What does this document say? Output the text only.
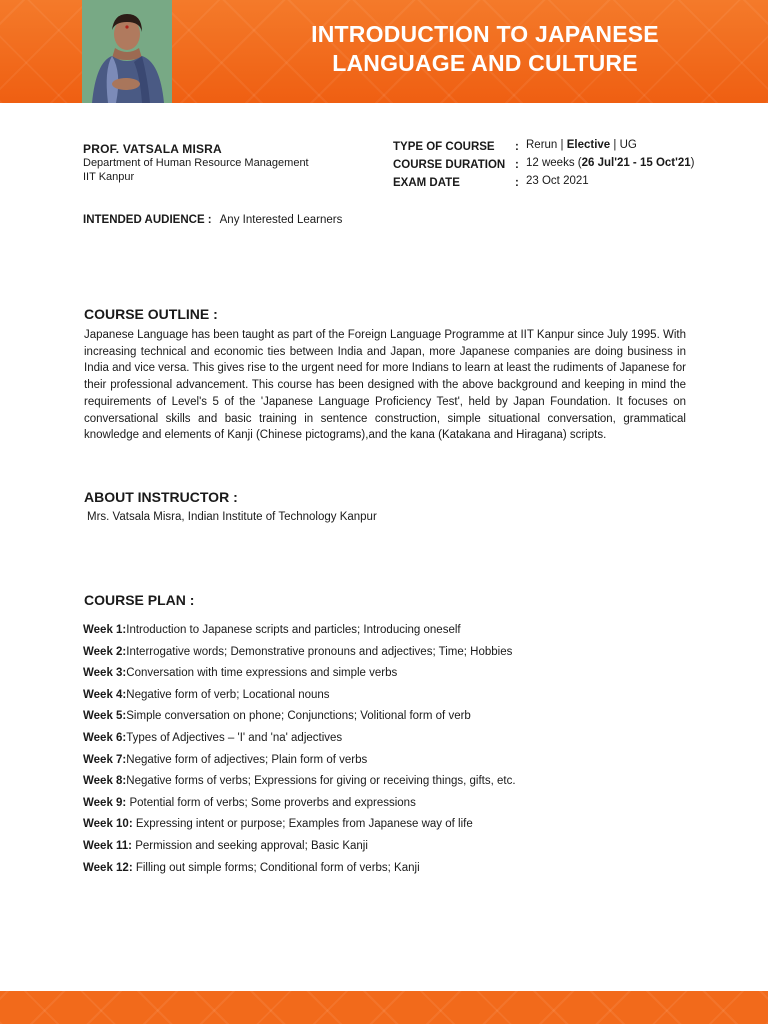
INTRODUCTION TO JAPANESE
LANGUAGE AND CULTURE
PROF. VATSALA MISRA
Department of Human Resource Management
IIT Kanpur
TYPE OF COURSE : Rerun | Elective | UG
COURSE DURATION : 12 weeks (26 Jul'21 - 15 Oct'21)
EXAM DATE	: 23 Oct 2021
INTENDED AUDIENCE : Any Interested Learners
COURSE OUTLINE :
Japanese Language has been taught as part of the Foreign Language Programme at IIT Kanpur since July 1995. With increasing technical and economic ties between India and Japan, more Japanese companies are doing business in India and vice versa. This gives rise to the urgent need for more Indians to learn at least the rudiments of Japanese for their professional advancement. This course has been designed with the above background and keeping in mind the requirements of Level's 5 of the 'Japanese Language Proficiency Test', held by Japan Foundation. It focuses on conversational skills and basic training in sentence construction, simple situational conversation, grammatical knowledge and elements of Kanji (Chinese pictograms),and the kana (Katakana and Hiragana) scripts.
ABOUT INSTRUCTOR :
Mrs. Vatsala Misra, Indian Institute of Technology Kanpur
COURSE PLAN :
Week 1:Introduction to Japanese scripts and particles; Introducing oneself
Week 2:Interrogative words; Demonstrative pronouns and adjectives; Time; Hobbies
Week 3:Conversation with time expressions and simple verbs
Week 4:Negative form of verb; Locational nouns
Week 5:Simple conversation on phone; Conjunctions; Volitional form of verb
Week 6:Types of Adjectives – 'I' and 'na' adjectives
Week 7:Negative form of adjectives; Plain form of verbs
Week 8:Negative forms of verbs; Expressions for giving or receiving things, gifts, etc.
Week 9: Potential form of verbs; Some proverbs and expressions
Week 10: Expressing intent or purpose; Examples from Japanese way of life
Week 11: Permission and seeking approval; Basic Kanji
Week 12: Filling out simple forms; Conditional form of verbs; Kanji
